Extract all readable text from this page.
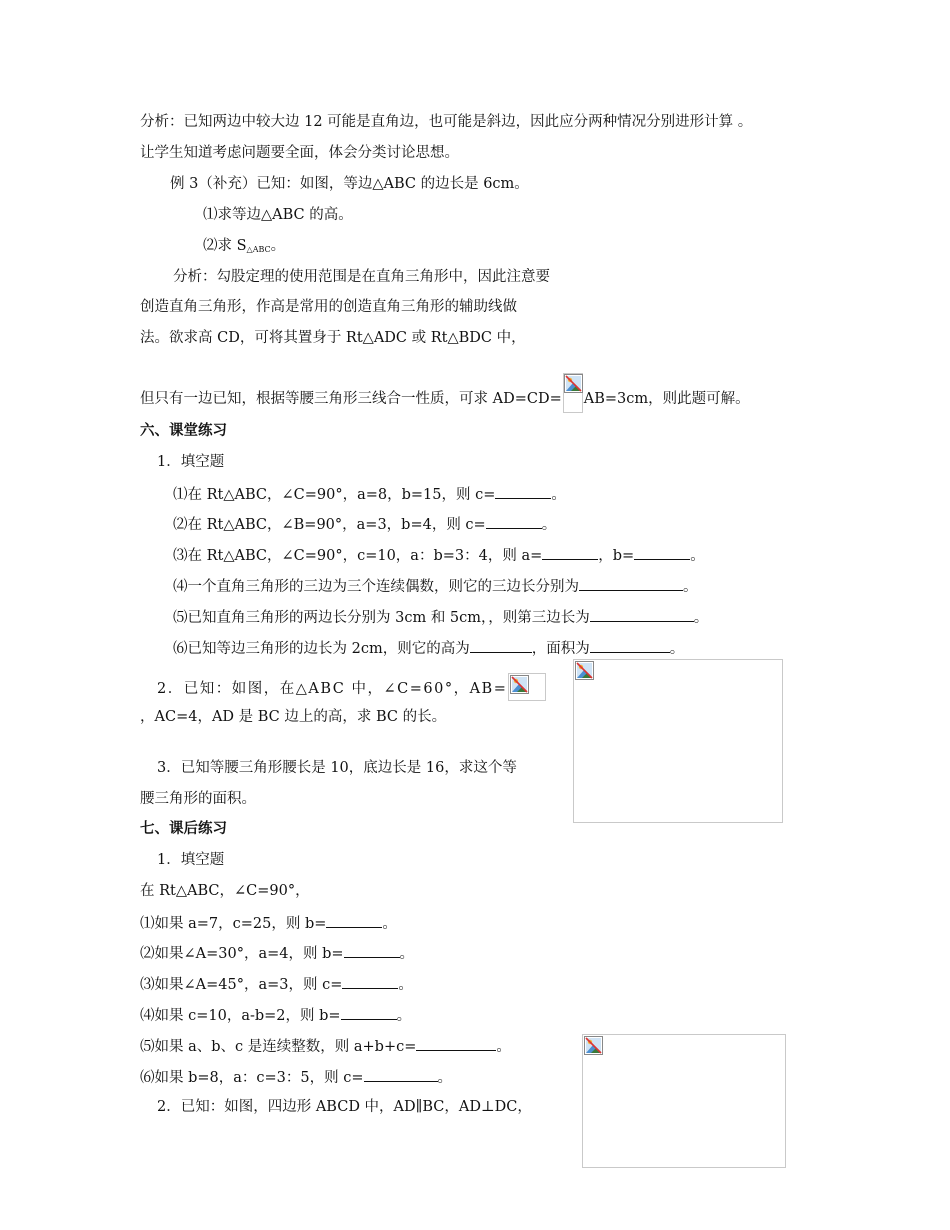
分析：已知两边中较大边 12 可能是直角边，也可能是斜边，因此应分两种情况分别进形计算 。
让学生知道考虑问题要全面，体会分类讨论思想。
例 3（补充）已知：如图，等边△ABC 的边长是 6cm。
⑴求等边△ABC 的高。
⑵求 $S_{\triangle ABC}$。
分析：勾股定理的使用范围是在直角三角形中，因此注意要
创造直角三角形，作高是常用的创造直角三角形的辅助线做
法。欲求高 CD，可将其置身于 Rt△ADC 或 Rt△BDC 中，
但只有一边已知，根据等腰三角形三线合一性质，可求 AD=CD= AB=3cm，则此题可解。
六、课堂练习
1．填空题
⑴在 Rt△ABC，∠C=90°，a=8，b=15，则 c=	。
⑵在 Rt△ABC，∠B=90°，a=3，b=4，则 c=	。
⑶在 Rt△ABC，∠C=90°，c=10，a：b=3：4，则 a=	，b=	。
⑷一个直角三角形的三边为三个连续偶数，则它的三边长分别为	。
⑸已知直角三角形的两边长分别为 3cm 和 5cm，，则第三边长为	。
⑹已知等边三角形的边长为 2cm，则它的高为	，面积为	。
2．已知：如图，在△ABC 中，∠C=60°，AB=
，AC=4，AD 是 BC 边上的高，求 BC 的长。
3．已知等腰三角形腰长是 10，底边长是 16，求这个等
腰三角形的面积。
七、课后练习
1．填空题
在 Rt△ABC，∠C=90°，
⑴如果 a=7，c=25，则 b=	。
⑵如果∠A=30°，a=4，则 b=	。
⑶如果∠A=45°，a=3，则 c=	。
⑷如果 c=10，a-b=2，则 b=	。
⑸如果 a、b、c 是连续整数，则 a+b+c=	。
⑹如果 b=8，a：c=3：5，则 c=	。
2．已知：如图，四边形 ABCD 中，AD∥BC，AD⊥DC，
